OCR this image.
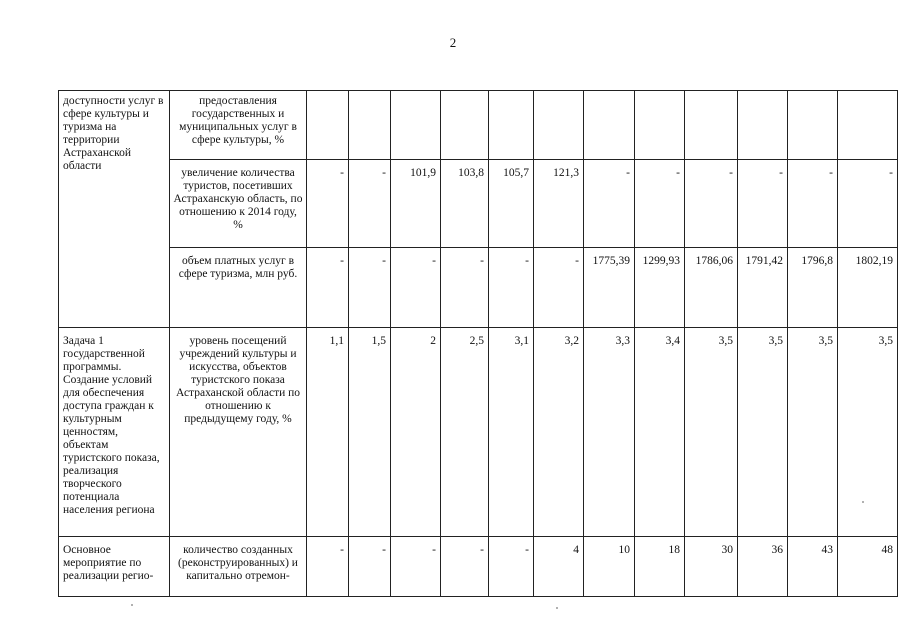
2
доступности услуг в сфере культуры и туризма на территории Астраханской области	предоставления государственных и муниципальных услуг в сфере культуры, %												
	увеличение количества туристов, посетивших Астраханскую область, по отношению к 2014 году, %	-	-	101,9	103,8	105,7	121,3	-	-	-	-	-	-
	объем платных услуг в сфере туризма, млн руб.	-	-	-	-	-	-	1775,39	1299,93	1786,06	1791,42	1796,8	1802,19
Задача 1 государственной программы. Создание условий для обеспечения доступа граждан к культурным ценностям, объектам туристского показа, реализация творческого потенциала населения региона	уровень посещений учреждений культуры и искусства, объектов туристского показа Астраханской области по отношению к предыдущему году, %	1,1	1,5	2	2,5	3,1	3,2	3,3	3,4	3,5	3,5	3,5	3,5
Основное мероприятие по реализации регио-	количество созданных (реконструированных) и капитально отремон-	-	-	-	-	-	4	10	18	30	36	43	48
